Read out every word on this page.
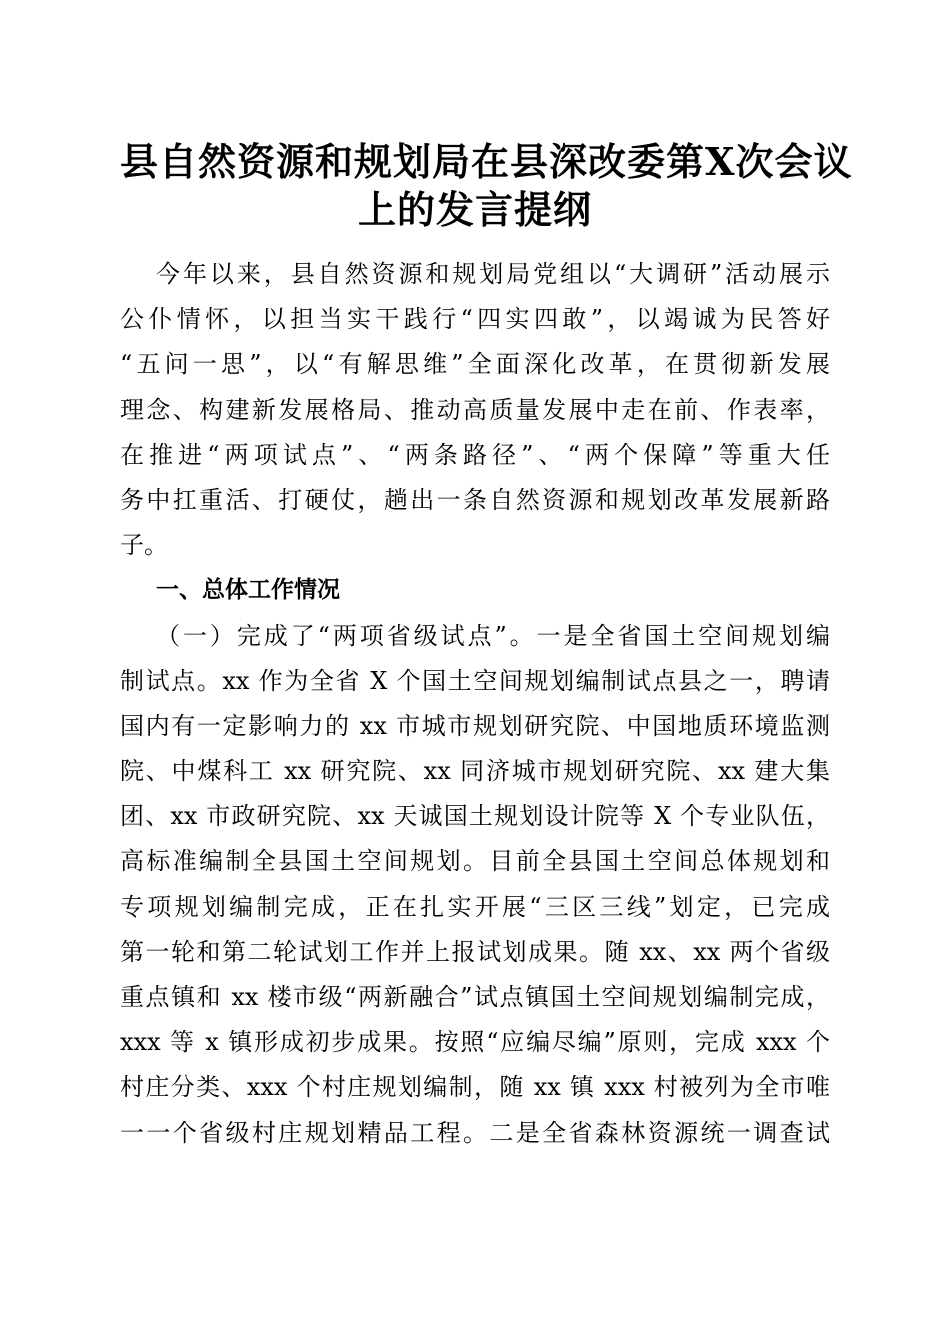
县自然资源和规划局在县深改委第X次会议
上的发言提纲
今年以来，县自然资源和规划局党组以“大调研”活动展示
公仆情怀，以担当实干践行“四实四敢”，以竭诚为民答好
“五问一思”，以“有解思维”全面深化改革，在贯彻新发展
理念、构建新发展格局、推动高质量发展中走在前、作表率，
在推进“两项试点”、“两条路径”、“两个保障”等重大任
务中扛重活、打硬仗，趟出一条自然资源和规划改革发展新路
子。
一、总体工作情况
（一）完成了“两项省级试点”。一是全省国土空间规划编
制试点。xx 作为全省 X 个国土空间规划编制试点县之一，聘请
国内有一定影响力的 xx 市城市规划研究院、中国地质环境监测
院、中煤科工 xx 研究院、xx 同济城市规划研究院、xx 建大集
团、xx 市政研究院、xx 天诚国土规划设计院等 X 个专业队伍，
高标准编制全县国土空间规划。目前全县国土空间总体规划和
专项规划编制完成，正在扎实开展“三区三线”划定，已完成
第一轮和第二轮试划工作并上报试划成果。随 xx、xx 两个省级
重点镇和 xx 楼市级“两新融合”试点镇国土空间规划编制完成，
xxx 等 x 镇形成初步成果。按照“应编尽编”原则，完成 xxx 个
村庄分类、xxx 个村庄规划编制，随 xx 镇 xxx 村被列为全市唯
一一个省级村庄规划精品工程。二是全省森林资源统一调查试
